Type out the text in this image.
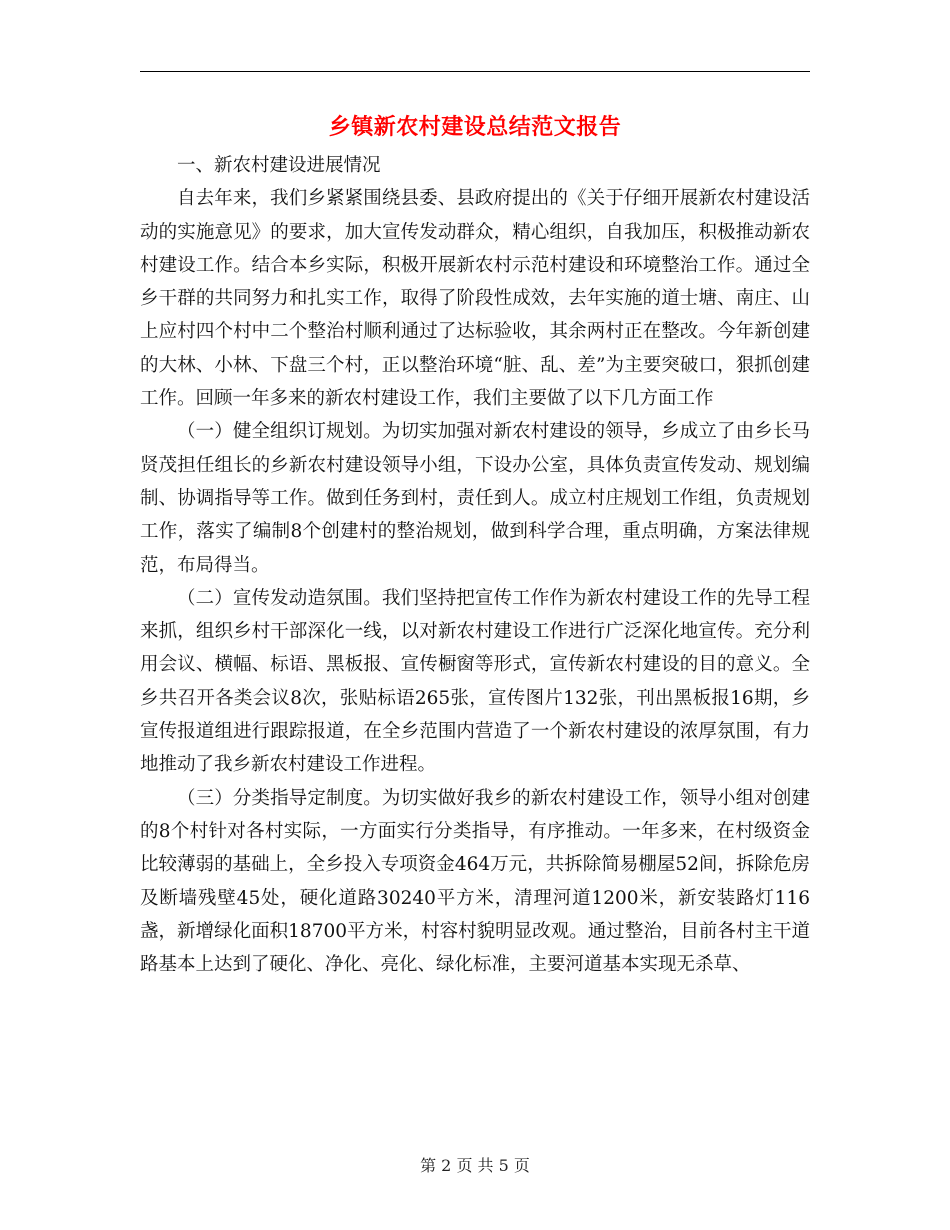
乡镇新农村建设总结范文报告

一、新农村建设进展情况

自去年来，我们乡紧紧围绕县委、县政府提出的《关于仔细开展新农村建设活动的实施意见》的要求，加大宣传发动群众，精心组织，自我加压，积极推动新农村建设工作。结合本乡实际，积极开展新农村示范村建设和环境整治工作。通过全乡干群的共同努力和扎实工作，取得了阶段性成效，去年实施的道士塘、南庄、山上应村四个村中二个整治村顺利通过了达标验收，其余两村正在整改。今年新创建的大林、小林、下盘三个村，正以整治环境“脏、乱、差”为主要突破口，狠抓创建工作。回顾一年多来的新农村建设工作，我们主要做了以下几方面工作

（一）健全组织订规划。为切实加强对新农村建设的领导，乡成立了由乡长马贤茂担任组长的乡新农村建设领导小组，下设办公室，具体负责宣传发动、规划编制、协调指导等工作。做到任务到村，责任到人。成立村庄规划工作组，负责规划工作，落实了编制8个创建村的整治规划，做到科学合理，重点明确，方案法律规范，布局得当。

（二）宣传发动造氛围。我们坚持把宣传工作作为新农村建设工作的先导工程来抓，组织乡村干部深化一线，以对新农村建设工作进行广泛深化地宣传。充分利用会议、横幅、标语、黑板报、宣传橱窗等形式，宣传新农村建设的目的意义。全乡共召开各类会议8次，张贴标语265张，宣传图片132张，刊出黑板报16期，乡宣传报道组进行跟踪报道，在全乡范围内营造了一个新农村建设的浓厚氛围，有力地推动了我乡新农村建设工作进程。

（三）分类指导定制度。为切实做好我乡的新农村建设工作，领导小组对创建的8个村针对各村实际，一方面实行分类指导，有序推动。一年多来，在村级资金比较薄弱的基础上，全乡投入专项资金464万元，共拆除简易棚屋52间，拆除危房及断墙残壁45处，硬化道路30240平方米，清理河道1200米，新安装路灯116盏，新增绿化面积18700平方米，村容村貌明显改观。通过整治，目前各村主干道路基本上达到了硬化、净化、亮化、绿化标准，主要河道基本实现无杀草、

第 2 页 共 5 页
